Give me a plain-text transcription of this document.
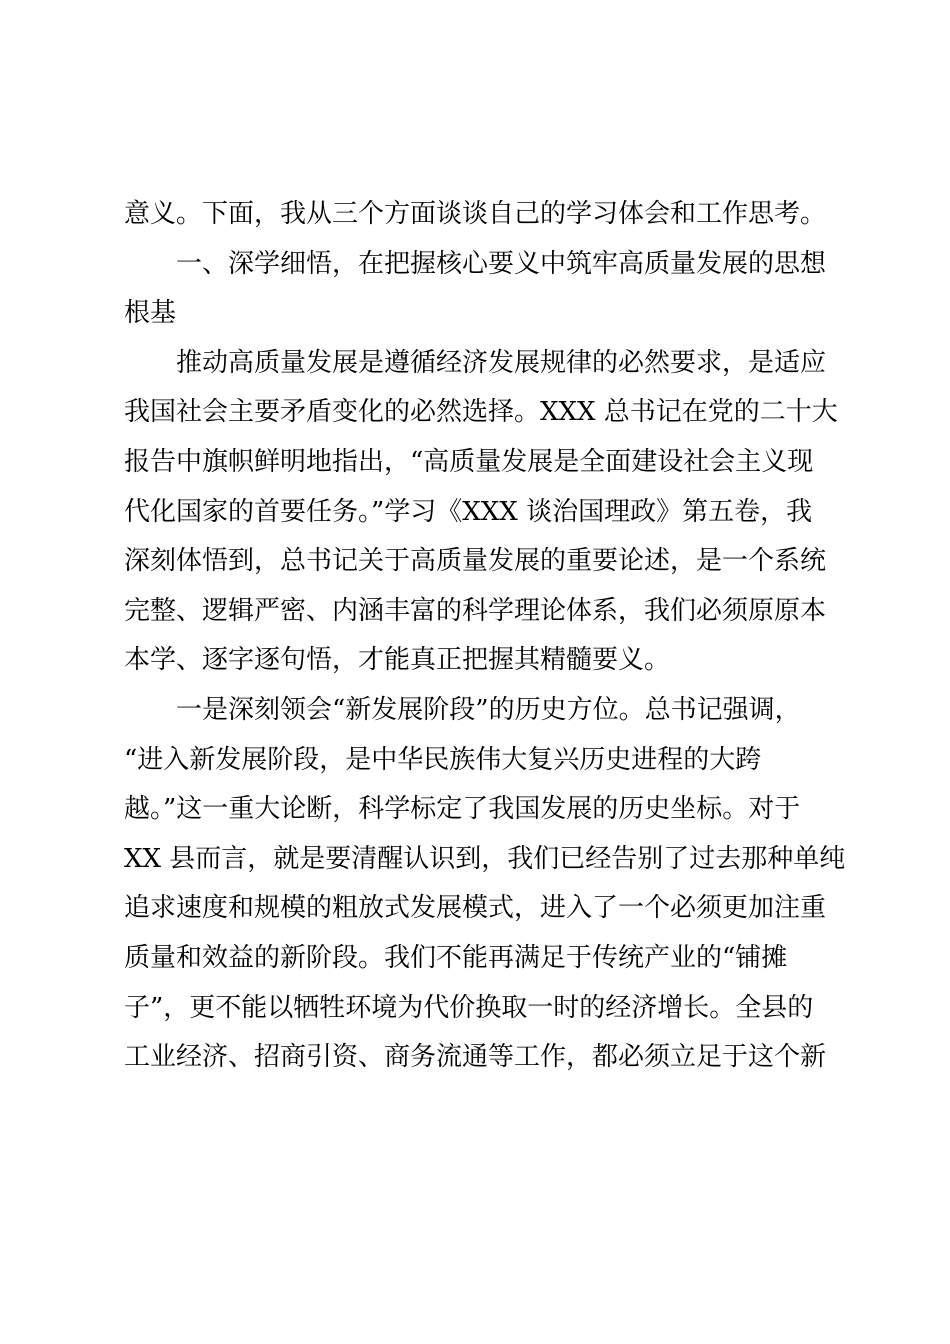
意义。下面，我从三个方面谈谈自己的学习体会和工作思考。
一、深学细悟，在把握核心要义中筑牢高质量发展的思想
根基
推动高质量发展是遵循经济发展规律的必然要求，是适应
我国社会主要矛盾变化的必然选择。XXX 总书记在党的二十大
报告中旗帜鲜明地指出，“高质量发展是全面建设社会主义现
代化国家的首要任务。”学习《XXX 谈治国理政》第五卷，我
深刻体悟到，总书记关于高质量发展的重要论述，是一个系统
完整、逻辑严密、内涵丰富的科学理论体系，我们必须原原本
本学、逐字逐句悟，才能真正把握其精髓要义。
一是深刻领会“新发展阶段”的历史方位。总书记强调，
“进入新发展阶段，是中华民族伟大复兴历史进程的大跨
越。”这一重大论断，科学标定了我国发展的历史坐标。对于
XX 县而言，就是要清醒认识到，我们已经告别了过去那种单纯
追求速度和规模的粗放式发展模式，进入了一个必须更加注重
质量和效益的新阶段。我们不能再满足于传统产业的“铺摊
子”，更不能以牺牲环境为代价换取一时的经济增长。全县的
工业经济、招商引资、商务流通等工作，都必须立足于这个新
